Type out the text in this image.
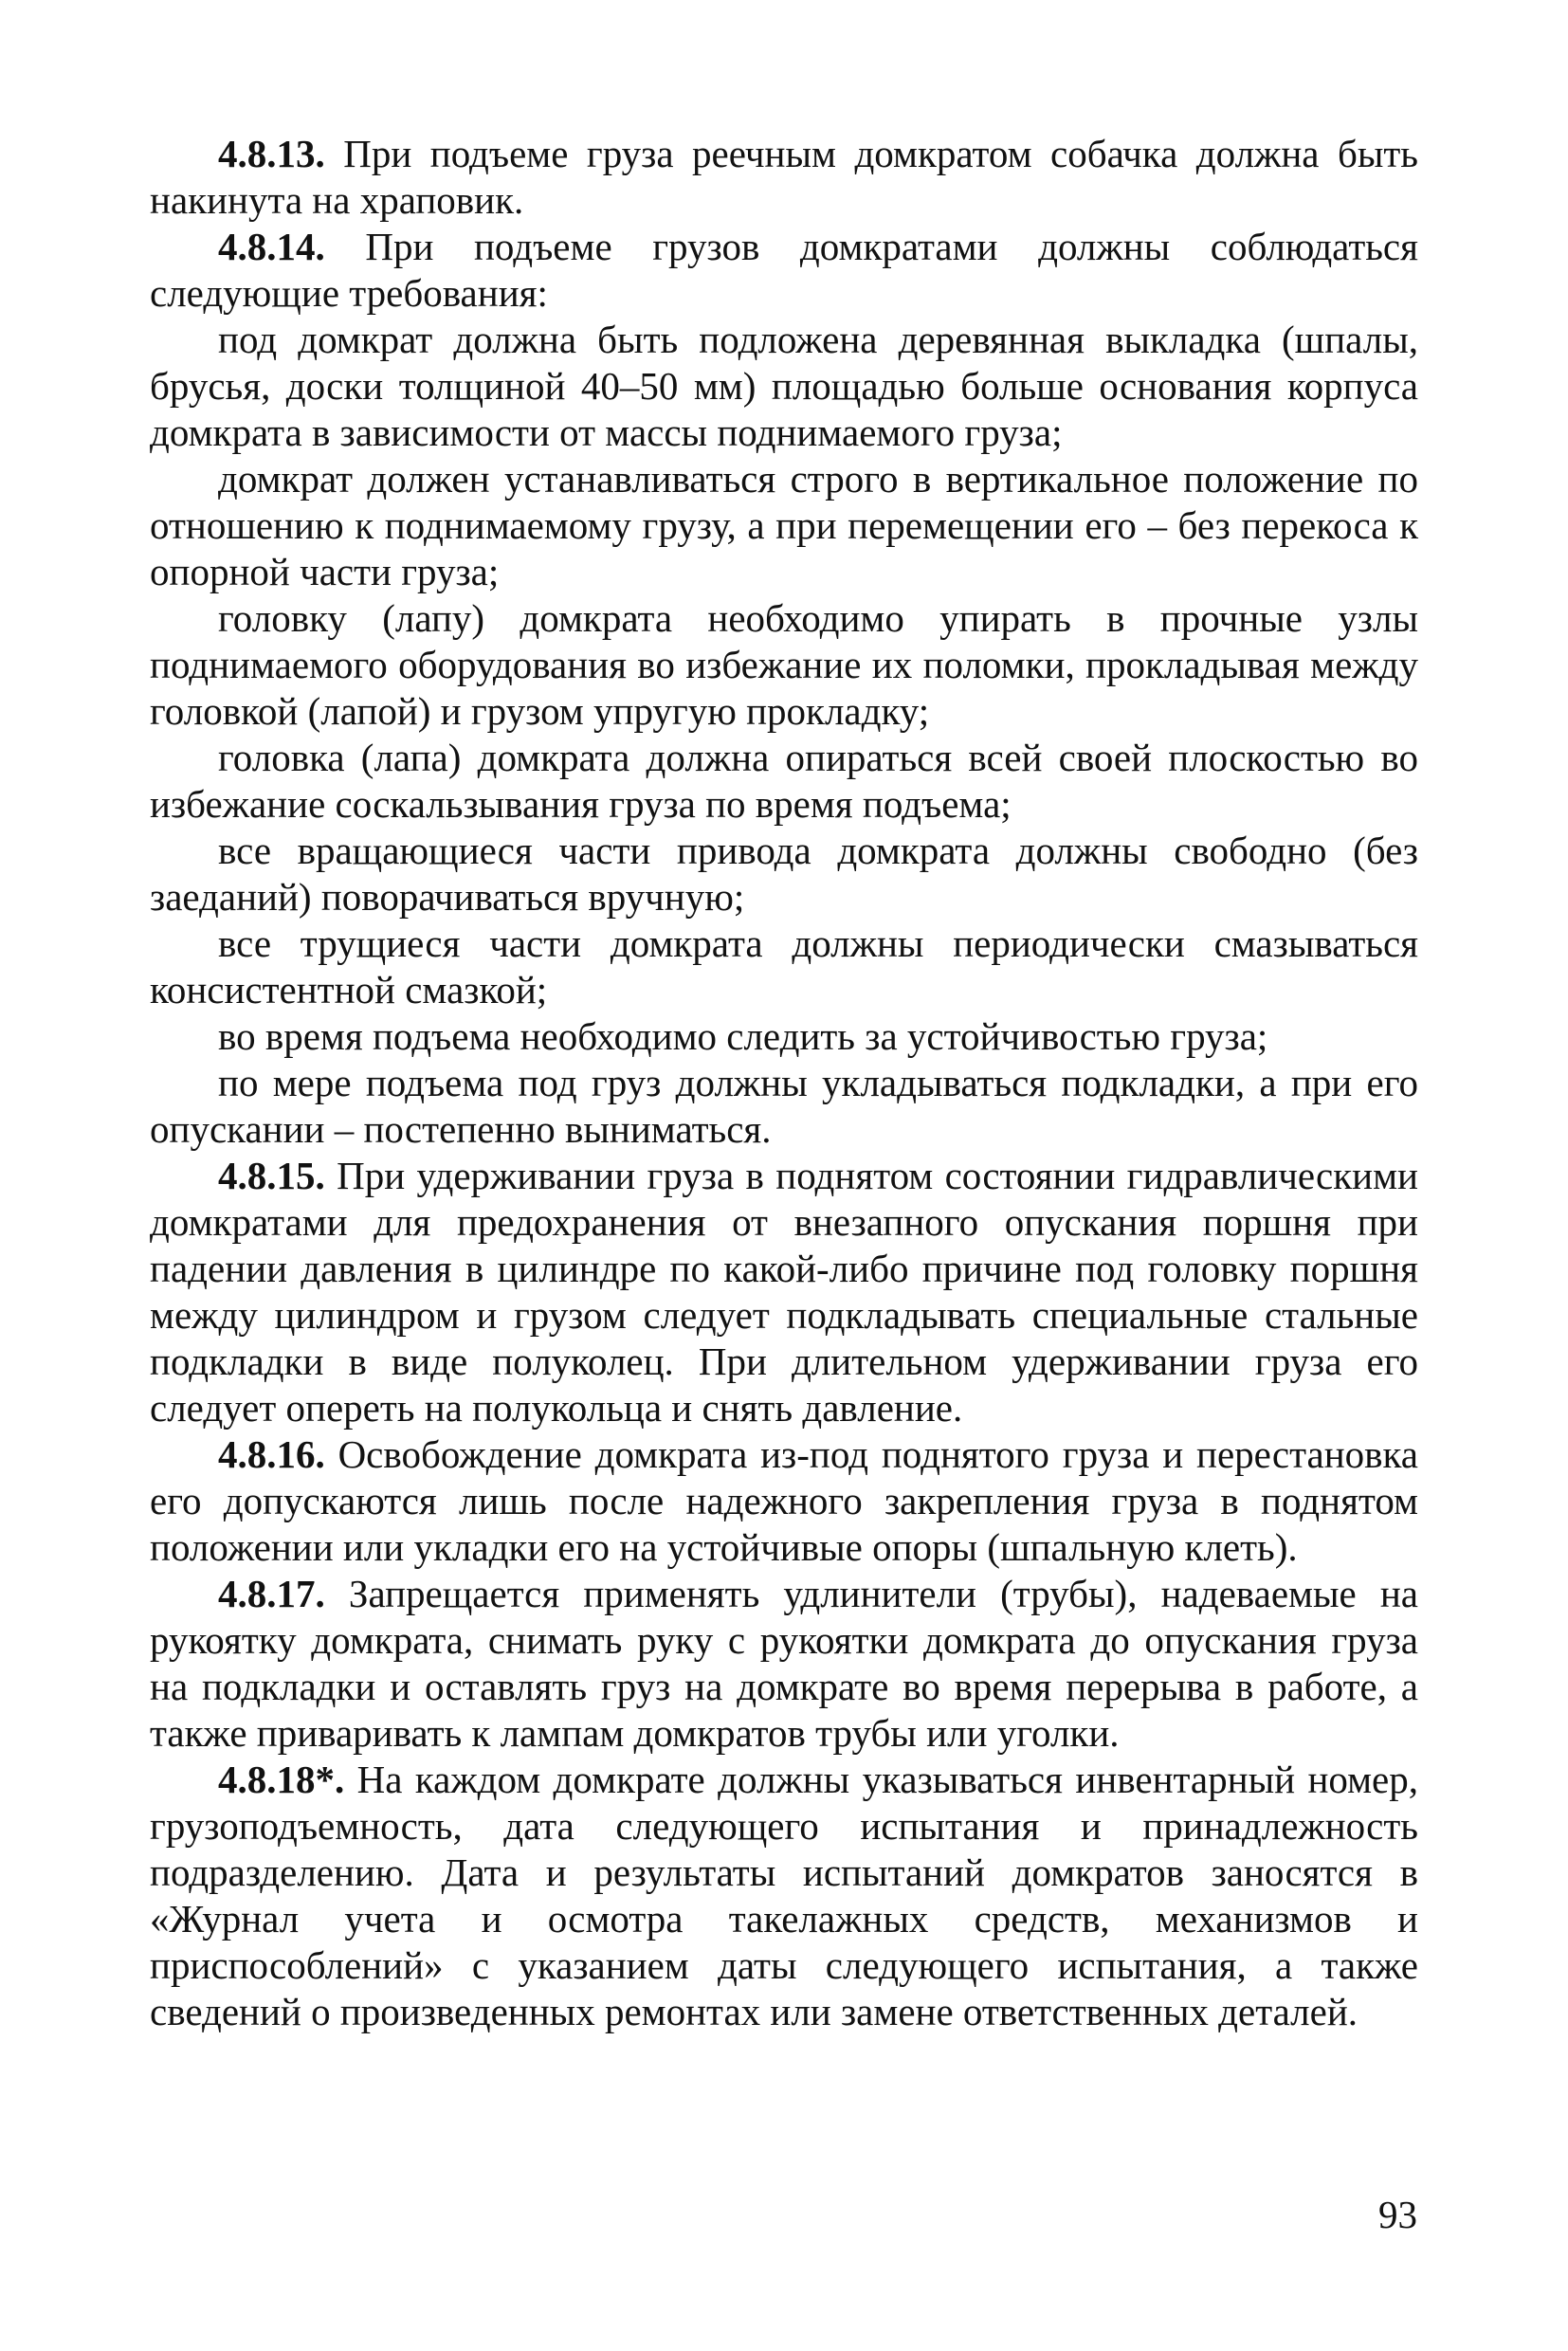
4.8.13. При подъеме груза реечным домкратом собачка должна быть накинута на храповик.

4.8.14. При подъеме грузов домкратами должны соблюдаться следующие требования:

под домкрат должна быть подложена деревянная выкладка (шпалы, брусья, доски толщиной 40–50 мм) площадью больше основания корпуса домкрата в зависимости от массы поднимаемого груза;

домкрат должен устанавливаться строго в вертикальное положение по отношению к поднимаемому грузу, а при перемещении его – без перекоса к опорной части груза;

головку (лапу) домкрата необходимо упирать в прочные узлы поднимаемого оборудования во избежание их поломки, прокладывая между головкой (лапой) и грузом упругую прокладку;

головка (лапа) домкрата должна опираться всей своей плоскостью во избежание соскальзывания груза по время подъема;

все вращающиеся части привода домкрата должны свободно (без заеданий) поворачиваться вручную;

все трущиеся части домкрата должны периодически смазываться консистентной смазкой;

во время подъема необходимо следить за устойчивостью груза;

по мере подъема под груз должны укладываться подкладки, а при его опускании – постепенно выниматься.

4.8.15. При удерживании груза в поднятом состоянии гидравлическими домкратами для предохранения от внезапного опускания поршня при падении давления в цилиндре по какой-либо причине под головку поршня между цилиндром и грузом следует подкладывать специальные стальные подкладки в виде полуколец. При длительном удерживании груза его следует опереть на полукольца и снять давление.

4.8.16. Освобождение домкрата из-под поднятого груза и перестановка его допускаются лишь после надежного закрепления груза в поднятом положении или укладки его на устойчивые опоры (шпальную клеть).

4.8.17. Запрещается применять удлинители (трубы), надеваемые на рукоятку домкрата, снимать руку с рукоятки домкрата до опускания груза на подкладки и оставлять груз на домкрате во время перерыва в работе, а также приваривать к лампам домкратов трубы или уголки.

4.8.18*. На каждом домкрате должны указываться инвентарный номер, грузоподъемность, дата следующего испытания и принадлежность подразделению. Дата и результаты испытаний домкратов заносятся в «Журнал учета и осмотра такелажных средств, механизмов и приспособлений» с указанием даты следующего испытания, а также сведений о произведенных ремонтах или замене ответственных деталей.

93
